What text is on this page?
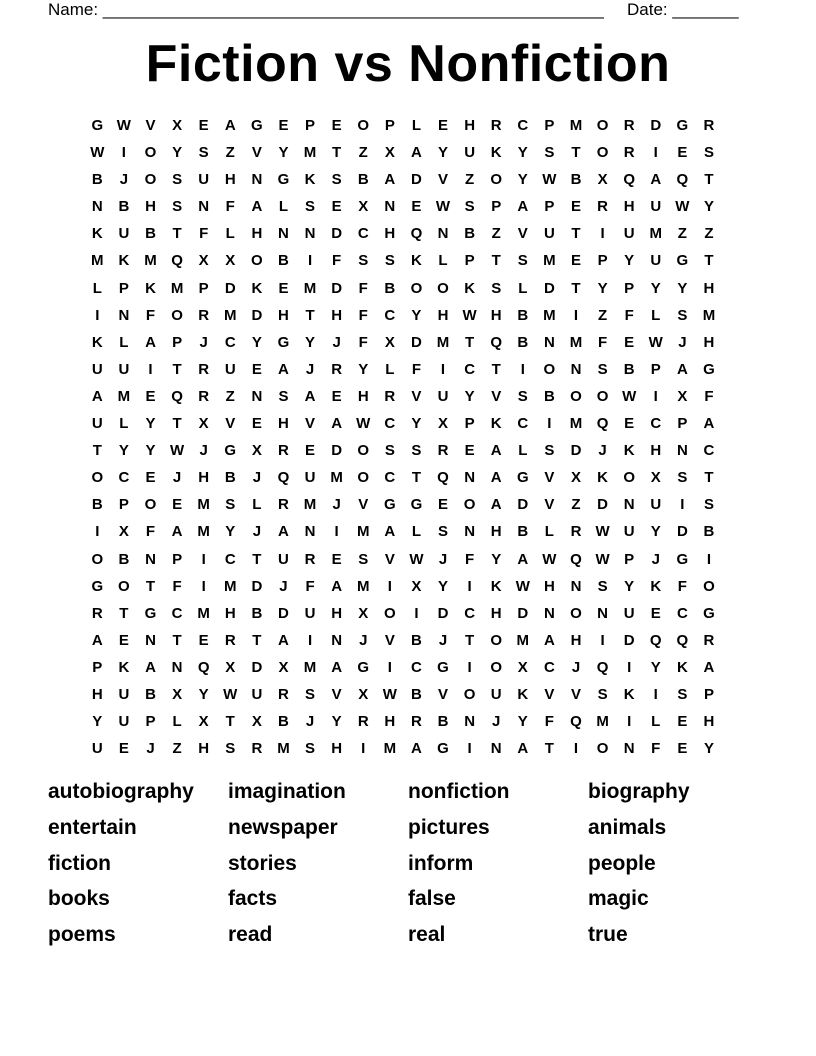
Name: _____________________________________________________ Date: _______
Fiction vs Nonfiction
G W V	X	E	A	G	E	P	E	O	P	L	E	H	R	C	P	M O	R	D	G	R
W	I	O	Y	S	Z	V	Y	M	T	Z	X	A	Y	U	K	Y	S	T	O	R	I	E	S
B	J	O	S	U	H	N	G	K	S	B	A	D	V	Z	O	Y W B	X	Q	A	Q	T
N	B	H	S	N	F	A	L	S	E	X	N	E W S	P	A	P	E	R	H	U W Y
K	U	B	T	F	L	H	N	N	D	C	H	Q	N	B	Z	V	U	T	I	U M	Z	Z
M K M Q	X	X	O	B	I	F	S	S	K	L	P	T	S	M	E	P	Y	U	G	T
L	P	K M	P	D	K	E	M D	F	B	O O	K	S	L	D	T	Y	P	Y	Y	H
I	N	F	O	R M D	H	T	H	F	C	Y	H W H	B M	I	Z	F	L	S	M
K	L	A	P	J	C	Y	G	Y	J	F	X	D M	T	Q	B	N M	F	E W	J	H
U	U	I	T	R	U	E	A	J	R	Y	L	F	I	C	T	I	O	N	S	B	P	A	G
A M	E	Q	R	Z	N	S	A	E	H	R	V	U	Y	V	S	B	O O W	I	X	F
U	L	Y	T	X	V	E	H	V	A W C	Y	X	P	K	C	I	M Q	E	C	P	A
T	Y	Y W	J	G	X	R	E	D	O	S	S	R	E	A	L	S	D	J	K	H	N	C
O	C	E	J	H	B	J	Q	U M O	C	T	Q	N	A	G	V	X	K	O	X	S	T
B	P	O	E	M	S	L	R M	J	V	G G	E	O	A	D	V	Z	D	N	U	I	S
I	X	F	A M	Y	J	A	N	I	M A	L	S	N	H	B	L	R W U	Y	D	B
O	B	N	P	I	C	T	U	R	E	S	V W	J	F	Y	A W Q W P	J	G	I
G O	T	F	I	M D	J	F	A M	I	X	Y	I	K W H	N	S	Y	K	F	O
R	T	G	C M H	B	D	U	H	X	O	I	D	C	H	D	N	O	N	U	E	C	G
A	E	N	T	E	R	T	A	I	N	J	V	B	J	T	O M A	H	I	D	Q Q	R
P	K	A	N	Q	X	D	X	M A	G	I	C	G	I	O	X	C	J	Q	I	Y	K	A
H	U	B	X	Y W U	R	S	V	X W B	V	O	U	K	V	V	S	K	I	S	P
Y	U	P	L	X	T	X	B	J	Y	R	H	R	B	N	J	Y	F	Q M	I	L	E	H
U	E	J	Z	H	S	R M	S	H	I	M A	G	I	N	A	T	I	O	N	F	E	Y
autobiography	imagination	nonfiction	biography
entertain	newspaper	pictures	animals
fiction	stories	inform	people
books	facts	false	magic
poems	read	real	true
